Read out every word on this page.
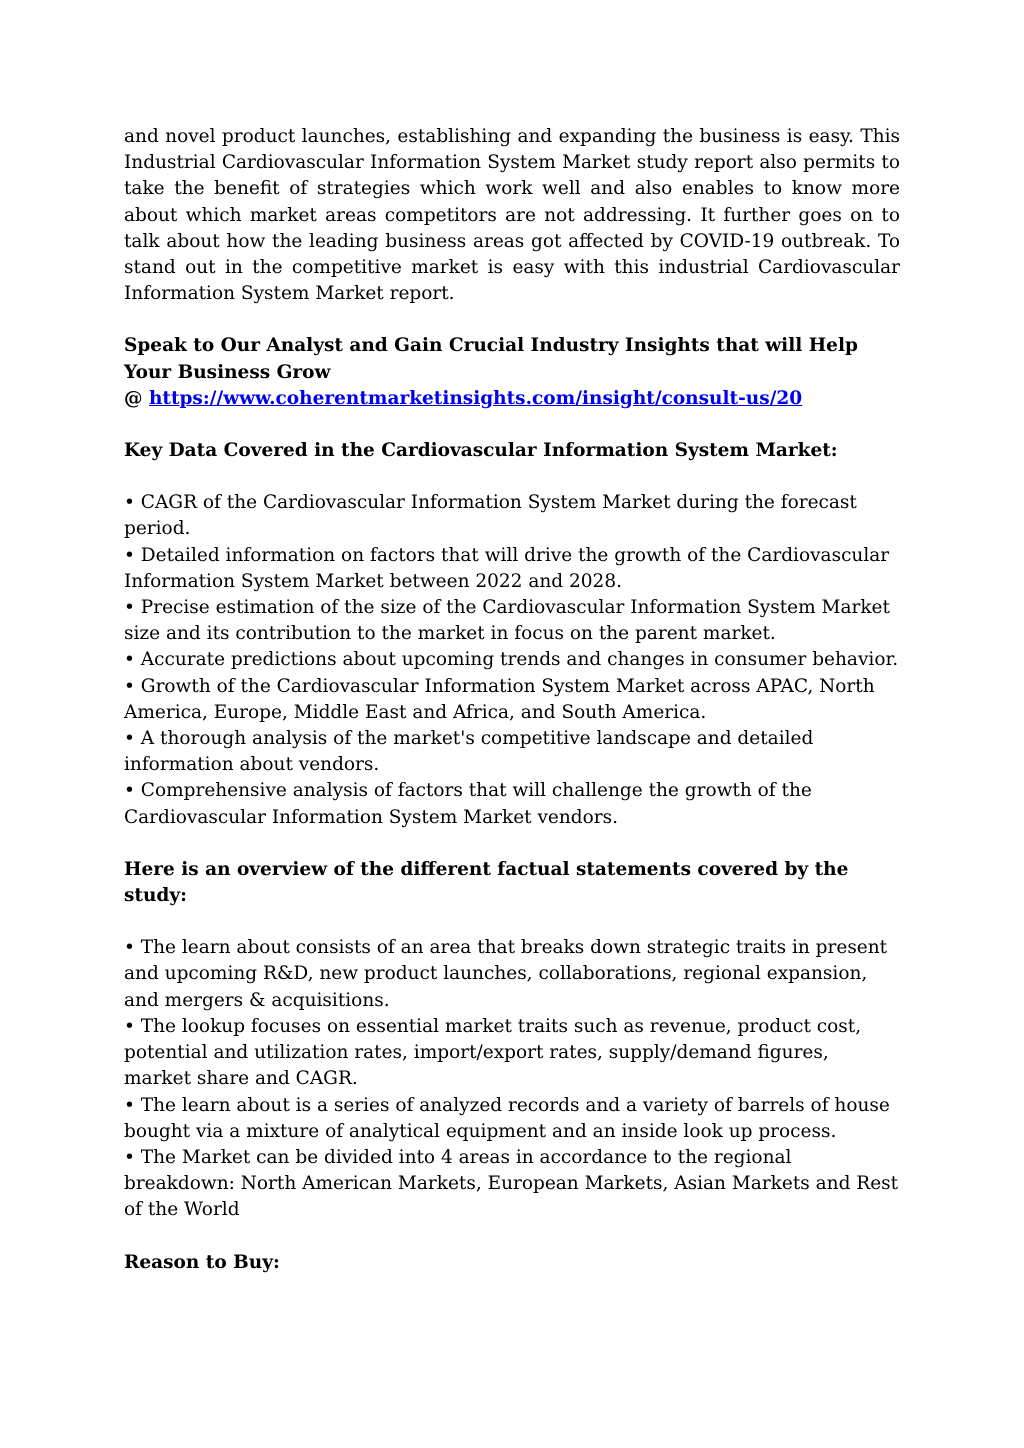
and novel product launches, establishing and expanding the business is easy. This Industrial Cardiovascular Information System Market study report also permits to take the benefit of strategies which work well and also enables to know more about which market areas competitors are not addressing. It further goes on to talk about how the leading business areas got affected by COVID-19 outbreak. To stand out in the competitive market is easy with this industrial Cardiovascular Information System Market report.

Speak to Our Analyst and Gain Crucial Industry Insights that will Help Your Business Grow

@ https://www.coherentmarketinsights.com/insight/consult-us/20

Key Data Covered in the Cardiovascular Information System Market:

• CAGR of the Cardiovascular Information System Market during the forecast period.
• Detailed information on factors that will drive the growth of the Cardiovascular Information System Market between 2022 and 2028.
• Precise estimation of the size of the Cardiovascular Information System Market size and its contribution to the market in focus on the parent market.
• Accurate predictions about upcoming trends and changes in consumer behavior.
• Growth of the Cardiovascular Information System Market across APAC, North America, Europe, Middle East and Africa, and South America.
• A thorough analysis of the market's competitive landscape and detailed information about vendors.
• Comprehensive analysis of factors that will challenge the growth of the Cardiovascular Information System Market vendors.

Here is an overview of the different factual statements covered by the study:

• The learn about consists of an area that breaks down strategic traits in present and upcoming R&D, new product launches, collaborations, regional expansion, and mergers & acquisitions.
• The lookup focuses on essential market traits such as revenue, product cost, potential and utilization rates, import/export rates, supply/demand figures, market share and CAGR.
• The learn about is a series of analyzed records and a variety of barrels of house bought via a mixture of analytical equipment and an inside look up process.
• The Market can be divided into 4 areas in accordance to the regional breakdown: North American Markets, European Markets, Asian Markets and Rest of the World

Reason to Buy:
